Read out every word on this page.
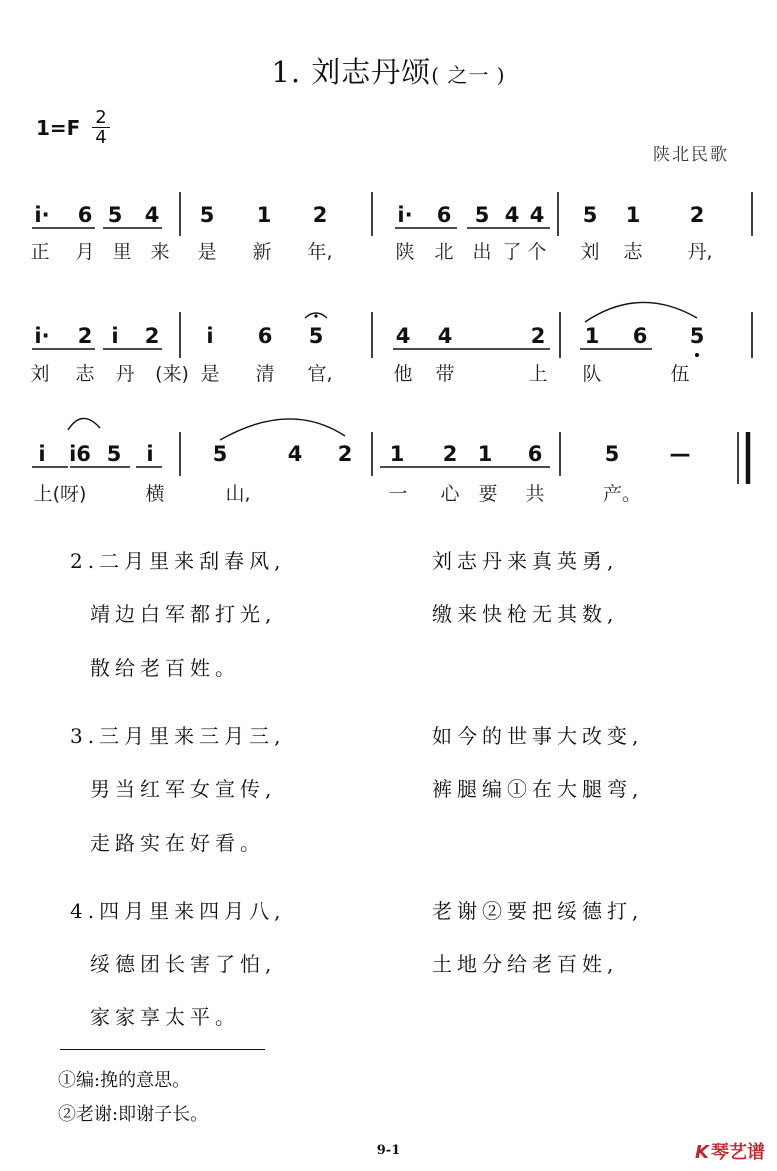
1. 刘志丹颂( 之一 )
1=F 2
4
陕北民歌
i· 6 5 4 5 1 2	i· 6 5 4 4 5 1 2
正 月 里 来 是 新 年,	陕 北 出 了 个 刘 志 丹,
i· 2 i 2 i 6 5	4 4	2 1 6 5
刘 志 丹 (来) 是 清 官,	他 带	上 队	伍
i i6 5 i	5	4 2 1 2 1 6	5 —
上(呀)	横	山,	一 心 要 共	产。
2.二月里来刮春风,
靖边白军都打光,
散给老百姓。
刘志丹来真英勇,
缴来快枪无其数,
3.三月里来三月三,
男当红军女宣传,
走路实在好看。
如今的世事大改变,
裤腿编①在大腿弯,
4.四月里来四月八,
绥德团长害了怕,
家家享太平。
老谢②要把绥德打,
土地分给老百姓,
①编:挽的意思。
②老谢:即谢子长。
9-1	K 琴艺谱
